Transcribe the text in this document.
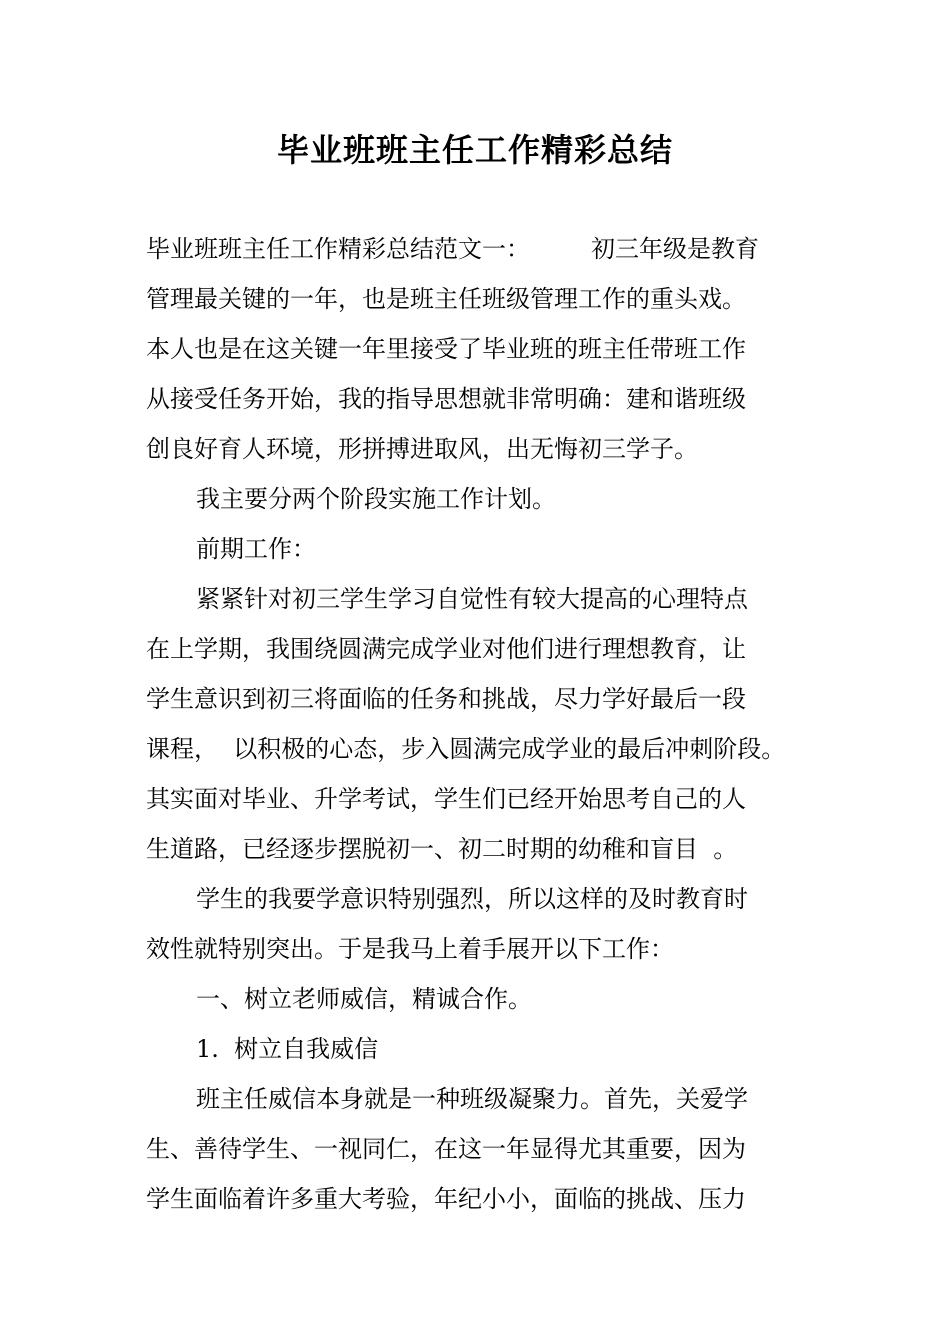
毕业班班主任工作精彩总结
毕业班班主任工作精彩总结范文一：        初三年级是教育
管理最关键的一年，也是班主任班级管理工作的重头戏。
本人也是在这关键一年里接受了毕业班的班主任带班工作
从接受任务开始，我的指导思想就非常明确：建和谐班级
创良好育人环境，形拼搏进取风，出无悔初三学子。
我主要分两个阶段实施工作计划。
前期工作：
紧紧针对初三学生学习自觉性有较大提高的心理特点
在上学期，我围绕圆满完成学业对他们进行理想教育，让
学生意识到初三将面临的任务和挑战，尽力学好最后一段
课程，  以积极的心态，步入圆满完成学业的最后冲刺阶段。
其实面对毕业、升学考试，学生们已经开始思考自己的人
生道路，已经逐步摆脱初一、初二时期的幼稚和盲目  。
学生的我要学意识特别强烈，所以这样的及时教育时
效性就特别突出。于是我马上着手展开以下工作：
一、树立老师威信，精诚合作。
1.  树立自我威信
班主任威信本身就是一种班级凝聚力。首先，关爱学
生、善待学生、一视同仁，在这一年显得尤其重要，因为
学生面临着许多重大考验，年纪小小，面临的挑战、压力
